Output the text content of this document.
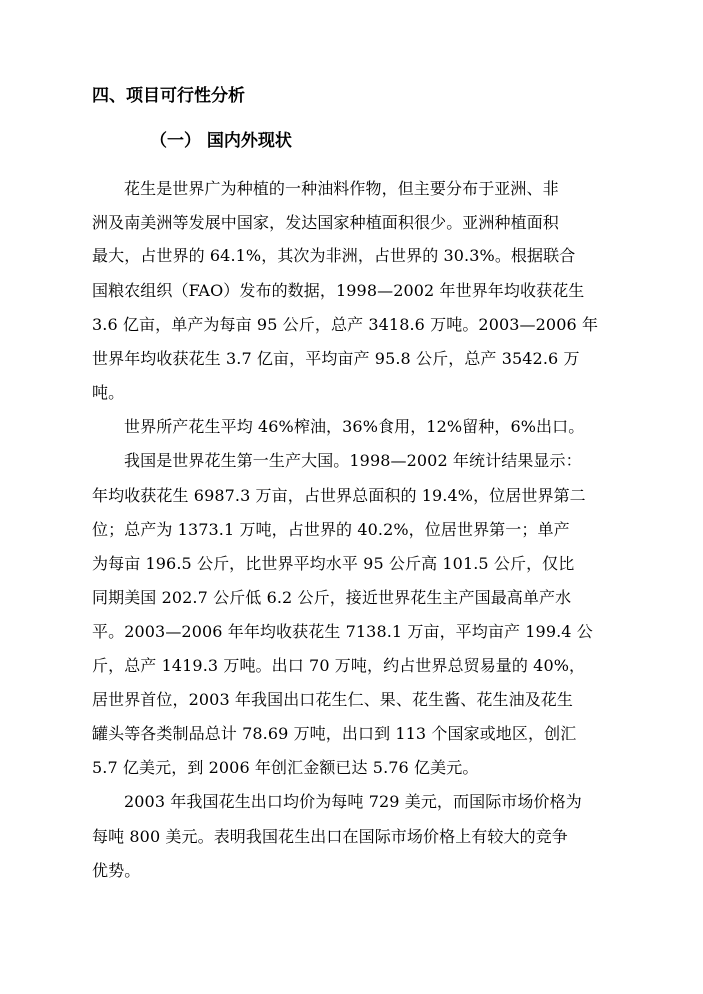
四、项目可行性分析
（一） 国内外现状

花生是世界广为种植的一种油料作物，但主要分布于亚洲、非

洲及南美洲等发展中国家，发达国家种植面积很少。亚洲种植面积

最大，占世界的 64.1%，其次为非洲，占世界的 30.3%。根据联合

国粮农组织（FAO）发布的数据，1998—2002 年世界年均收获花生

3.6 亿亩，单产为每亩 95 公斤，总产 3418.6 万吨。2003—2006 年

世界年均收获花生 3.7 亿亩，平均亩产 95.8 公斤，总产 3542.6 万

吨。

世界所产花生平均 46%榨油，36%食用，12%留种，6%出口。

我国是世界花生第一生产大国。1998—2002 年统计结果显示：

年均收获花生 6987.3 万亩，占世界总面积的 19.4%，位居世界第二

位；总产为 1373.1 万吨，占世界的 40.2%，位居世界第一；单产

为每亩 196.5 公斤，比世界平均水平 95 公斤高 101.5 公斤，仅比

同期美国 202.7 公斤低 6.2 公斤，接近世界花生主产国最高单产水

平。2003—2006 年年均收获花生 7138.1 万亩，平均亩产 199.4 公

斤，总产 1419.3 万吨。出口 70 万吨，约占世界总贸易量的 40%，

居世界首位，2003 年我国出口花生仁、果、花生酱、花生油及花生

罐头等各类制品总计 78.69 万吨，出口到 113 个国家或地区，创汇

5.7 亿美元，到 2006 年创汇金额已达 5.76 亿美元。

2003 年我国花生出口均价为每吨 729 美元，而国际市场价格为

每吨 800 美元。表明我国花生出口在国际市场价格上有较大的竞争

优势。
